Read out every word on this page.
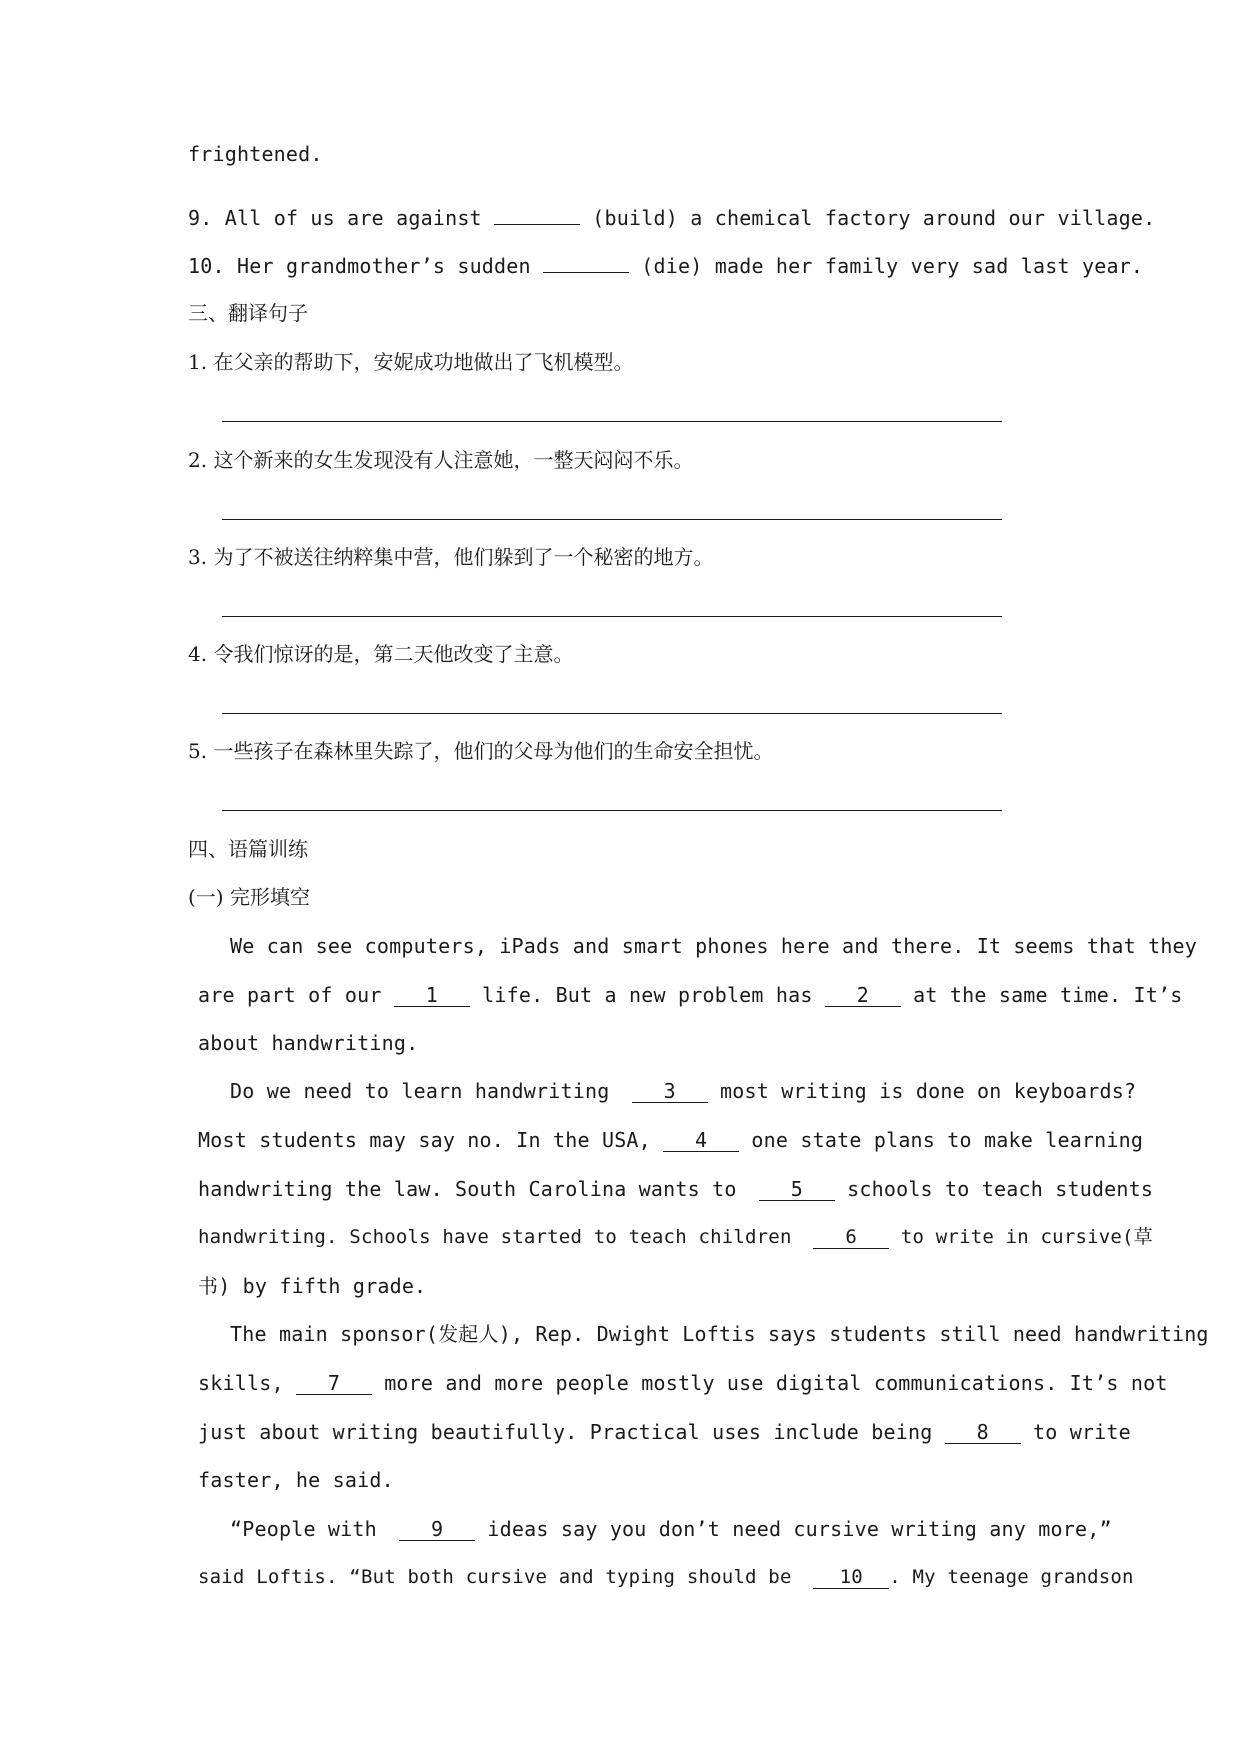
frightened.
9. All of us are against	(build) a chemical factory around our village.
10. Her grandmother’s sudden	(die) made her family very sad last year.
三、翻译句子
1. 在父亲的帮助下，安妮成功地做出了飞机模型。
2. 这个新来的女生发现没有人注意她，一整天闷闷不乐。
3. 为了不被送往纳粹集中营，他们躲到了一个秘密的地方。
4. 令我们惊讶的是，第二天他改变了主意。
5. 一些孩子在森林里失踪了，他们的父母为他们的生命安全担忧。
四、语篇训练
(一) 完形填空
We can see computers, iPads and smart phones here and there. It seems that they
are part of our 1 life. But a new problem has 2 at the same time. It’s
about handwriting.
Do we need to learn handwriting	3 most writing is done on keyboards?
Most students may say no. In the USA, 4 one state plans to make learning
handwriting the law. South Carolina wants to	5 schools to teach students
handwriting. Schools have started to teach children	6 to write in cursive(草
书) by fifth grade.
The main sponsor(发起人), Rep. Dwight Loftis says students still need handwriting
skills, 7 more and more people mostly use digital communications. It’s not
just about writing beautifully. Practical uses include being 8 to write
faster, he said.
“People with	9 ideas say you don’t need cursive writing any more,”
said Loftis. “But both cursive and typing should be	10 . My teenage grandson
